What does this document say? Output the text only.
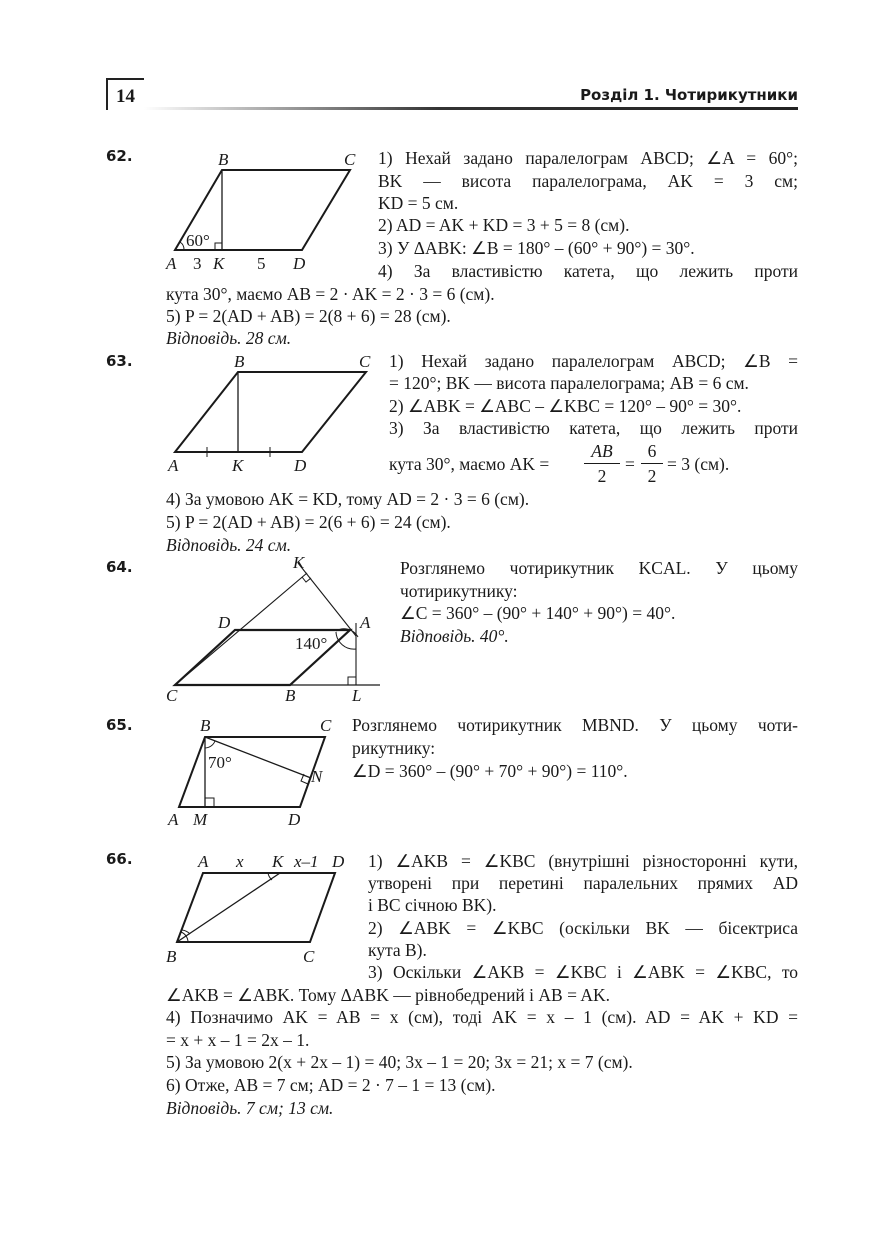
14	Розділ 1. Чотирикутники
62.	B	C
A K	D
60°
3	5
1) Нехай задано паралелограм ABCD; ∠A = 60°;
BK — висота паралелограма, AK = 3 см;
KD = 5 см.
2) AD = AK + KD = 3 + 5 = 8 (см).
3) У ΔABK: ∠B = 180° – (60° + 90°) = 30°.
4) За властивістю катета, що лежить проти
кута 30°, маємо AB = 2 · AK = 2 · 3 = 6 (см).
5) P = 2(AD + AB) = 2(8 + 6) = 28 (см).
Відповідь. 28 см.
63.	B	C
A	K	D
1) Нехай задано паралелограм ABCD; ∠B =
= 120°; BK — висота паралелограма; AB = 6 см.
2) ∠ABK = ∠ABC – ∠KBC = 120° – 90° = 30°.
3) За властивістю катета, що лежить проти
кута 30°, маємо AK =
AB
2
=
6
2
= 3 (см).
4) За умовою AK = KD, тому AD = 2 · 3 = 6 (см).
5) P = 2(AD + AB) = 2(6 + 6) = 24 (см).
Відповідь. 24 см.
64.	K
D	A
C	B	L
140°
Розглянемо чотирикутник KCAL. У цьому
чотирикутнику:
∠C = 360° – (90° + 140° + 90°) = 40°.
Відповідь. 40°.
65.	B	C
A M	D
N
70°
Розглянемо чотирикутник MBND. У цьому чоти-
рикутнику:
∠D = 360° – (90° + 70° + 90°) = 110°.
66.	A x K x–1 D
B	C
1) ∠AKB = ∠KBC (внутрішні різносторонні кути,
утворені при перетині паралельних прямих AD
і BC січною BK).
2) ∠ABK = ∠KBC (оскільки BK — бісектриса
кута B).
3) Оскільки ∠AKB = ∠KBC і ∠ABK = ∠KBC, то
∠AKB = ∠ABK. Тому ΔABK — рівнобедрений і AB = AK.
4) Позначимо AK = AB = x (см), тоді AK = x – 1 (см). AD = AK + KD =
= x + x – 1 = 2x – 1.
5) За умовою 2(x + 2x – 1) = 40; 3x – 1 = 20; 3x = 21; x = 7 (см).
6) Отже, AB = 7 см; AD = 2 · 7 – 1 = 13 (см).
Відповідь. 7 см; 13 см.
